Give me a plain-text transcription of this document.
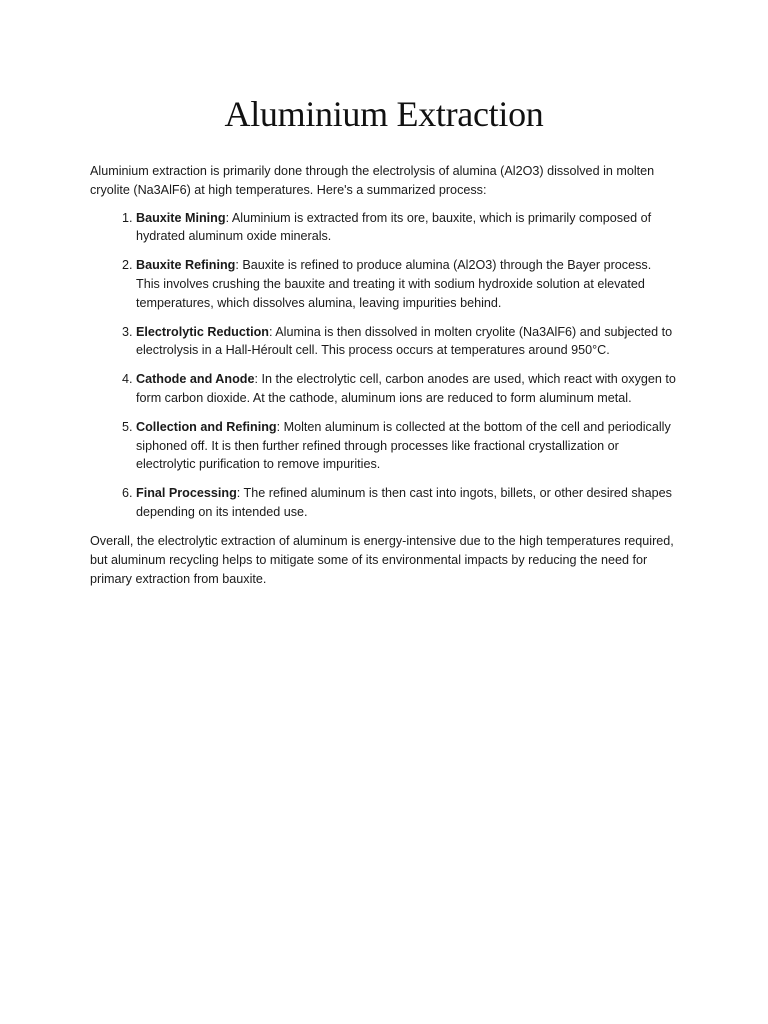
Aluminium Extraction

Aluminium extraction is primarily done through the electrolysis of alumina (Al2O3) dissolved in molten cryolite (Na3AlF6) at high temperatures. Here's a summarized process:

1. Bauxite Mining: Aluminium is extracted from its ore, bauxite, which is primarily composed of hydrated aluminum oxide minerals.
2. Bauxite Refining: Bauxite is refined to produce alumina (Al2O3) through the Bayer process. This involves crushing the bauxite and treating it with sodium hydroxide solution at elevated temperatures, which dissolves alumina, leaving impurities behind.
3. Electrolytic Reduction: Alumina is then dissolved in molten cryolite (Na3AlF6) and subjected to electrolysis in a Hall-Héroult cell. This process occurs at temperatures around 950°C.
4. Cathode and Anode: In the electrolytic cell, carbon anodes are used, which react with oxygen to form carbon dioxide. At the cathode, aluminum ions are reduced to form aluminum metal.
5. Collection and Refining: Molten aluminum is collected at the bottom of the cell and periodically siphoned off. It is then further refined through processes like fractional crystallization or electrolytic purification to remove impurities.
6. Final Processing: The refined aluminum is then cast into ingots, billets, or other desired shapes depending on its intended use.

Overall, the electrolytic extraction of aluminum is energy-intensive due to the high temperatures required, but aluminum recycling helps to mitigate some of its environmental impacts by reducing the need for primary extraction from bauxite.
